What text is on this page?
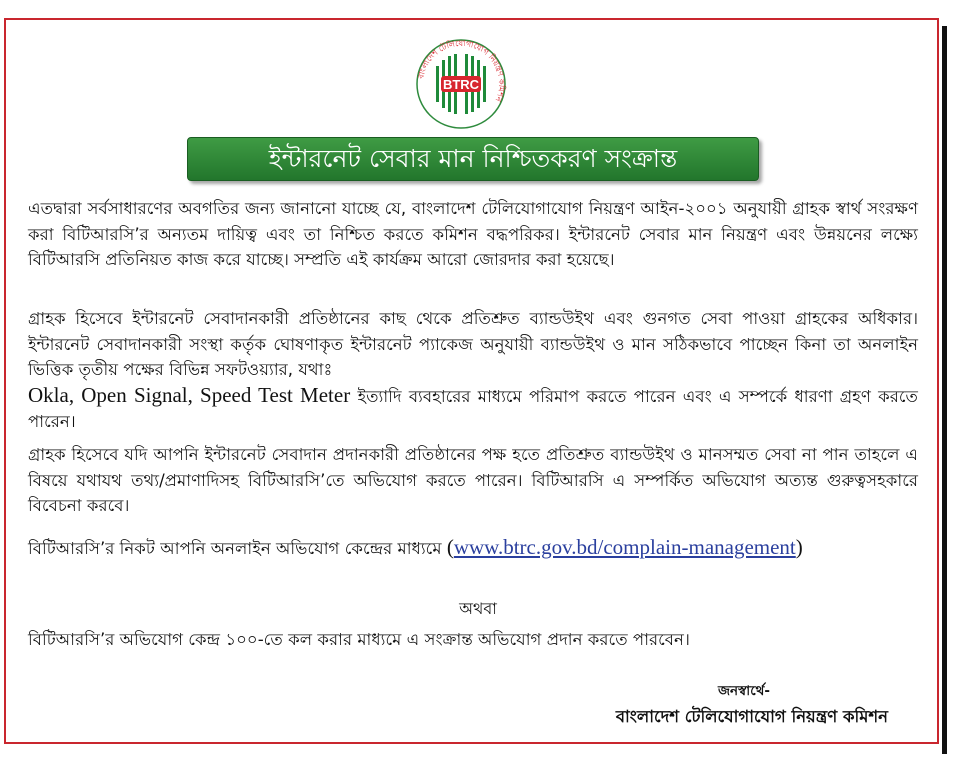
বাংলাদেশ টেলিযোগাযোগ নিয়ন্ত্রণ কমিশন
BTRC
ইন্টারনেট সেবার মান নিশ্চিতকরণ সংক্রান্ত

এতদ্বারা সর্বসাধারণের অবগতির জন্য জানানো যাচ্ছে যে, বাংলাদেশ টেলিযোগাযোগ নিয়ন্ত্রণ আইন-২০০১ অনুযায়ী গ্রাহক স্বার্থ সংরক্ষণ করা বিটিআরসি’র অন্যতম দায়িত্ব এবং তা নিশ্চিত করতে কমিশন বদ্ধপরিকর। ইন্টারনেট সেবার মান নিয়ন্ত্রণ এবং উন্নয়নের লক্ষ্যে বিটিআরসি প্রতিনিয়ত কাজ করে যাচ্ছে। সম্প্রতি এই কার্যক্রম আরো জোরদার করা হয়েছে।

গ্রাহক হিসেবে ইন্টারনেট সেবাদানকারী প্রতিষ্ঠানের কাছ থেকে প্রতিশ্রুত ব্যান্ডউইথ এবং গুনগত সেবা পাওয়া গ্রাহকের অধিকার। ইন্টারনেট সেবাদানকারী সংস্থা কর্তৃক ঘোষণাকৃত ইন্টারনেট প্যাকেজ অনুযায়ী ব্যান্ডউইথ ও মান সঠিকভাবে পাচ্ছেন কিনা তা অনলাইন ভিত্তিক তৃতীয় পক্ষের বিভিন্ন সফটওয়্যার, যথাঃ
Okla, Open Signal, Speed Test Meter ইত্যাদি ব্যবহারের মাধ্যমে পরিমাপ করতে পারেন এবং এ সম্পর্কে ধারণা গ্রহণ করতে পারেন।

গ্রাহক হিসেবে যদি আপনি ইন্টারনেট সেবাদান প্রদানকারী প্রতিষ্ঠানের পক্ষ হতে প্রতিশ্রুত ব্যান্ডউইথ ও মানসম্মত সেবা না পান তাহলে এ বিষয়ে যথাযথ তথ্য/প্রমাণাদিসহ বিটিআরসি’তে অভিযোগ করতে পারেন। বিটিআরসি এ সম্পর্কিত অভিযোগ অত্যন্ত গুরুত্বসহকারে বিবেচনা করবে।

বিটিআরসি’র নিকট আপনি অনলাইন অভিযোগ কেন্দ্রের মাধ্যমে (www.btrc.gov.bd/complain-management)

অথবা

বিটিআরসি’র অভিযোগ কেন্দ্র ১০০-তে কল করার মাধ্যমে এ সংক্রান্ত অভিযোগ প্রদান করতে পারবেন।

জনস্বার্থে-

বাংলাদেশ টেলিযোগাযোগ নিয়ন্ত্রণ কমিশন
